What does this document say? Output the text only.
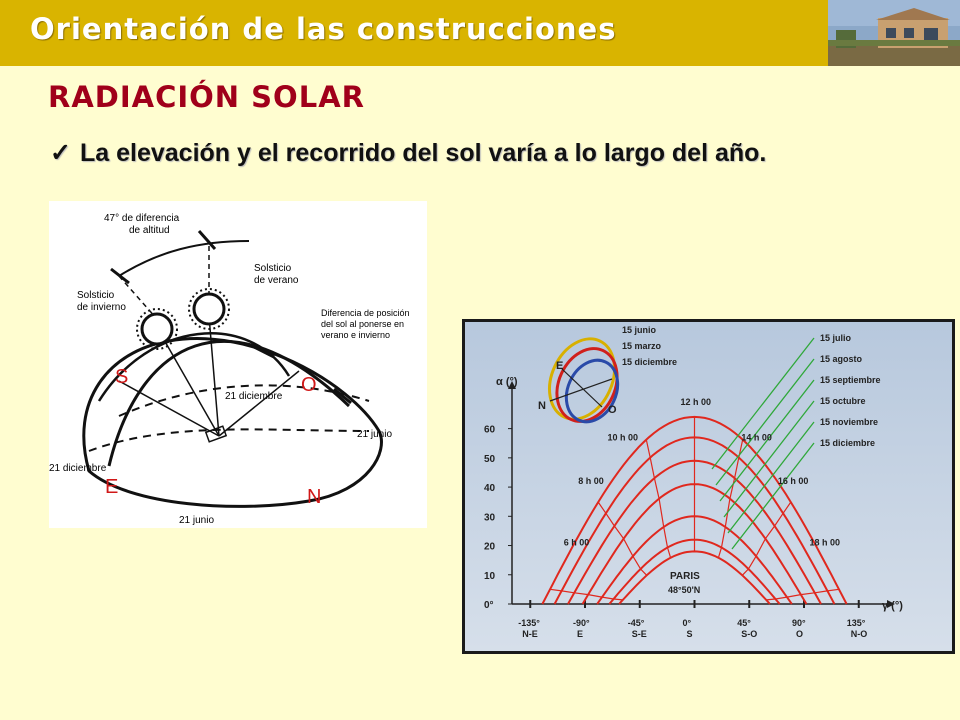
Orientación de las construcciones
RADIACIÓN SOLAR
✓ La elevación y el recorrido del sol varía a lo largo del año.
47° de diferencia
de altitud
Solsticio
de verano
Solsticio
de invierno	Diferencia de posición
del sol al ponerse en
verano e invierno
S	O
E	N
21 diciembre
21 junio
21 diciembre
21 junio
0°
10
20
30
40
50
60
-135°
N-E
-90°
E
-45°
S-E
0°
S
45°
S-O
90°
O
135°
N-O
6 h 00
8 h 00
10 h 00
12 h 00
14 h 00
16 h 00
18 h 00
15 julio
15 agosto
15 septiembre
15 octubre
15 noviembre
15 diciembre
α (°)
γ (°)
PARIS
48°50'N
E
N	O
15 junio
15 marzo
15 diciembre
